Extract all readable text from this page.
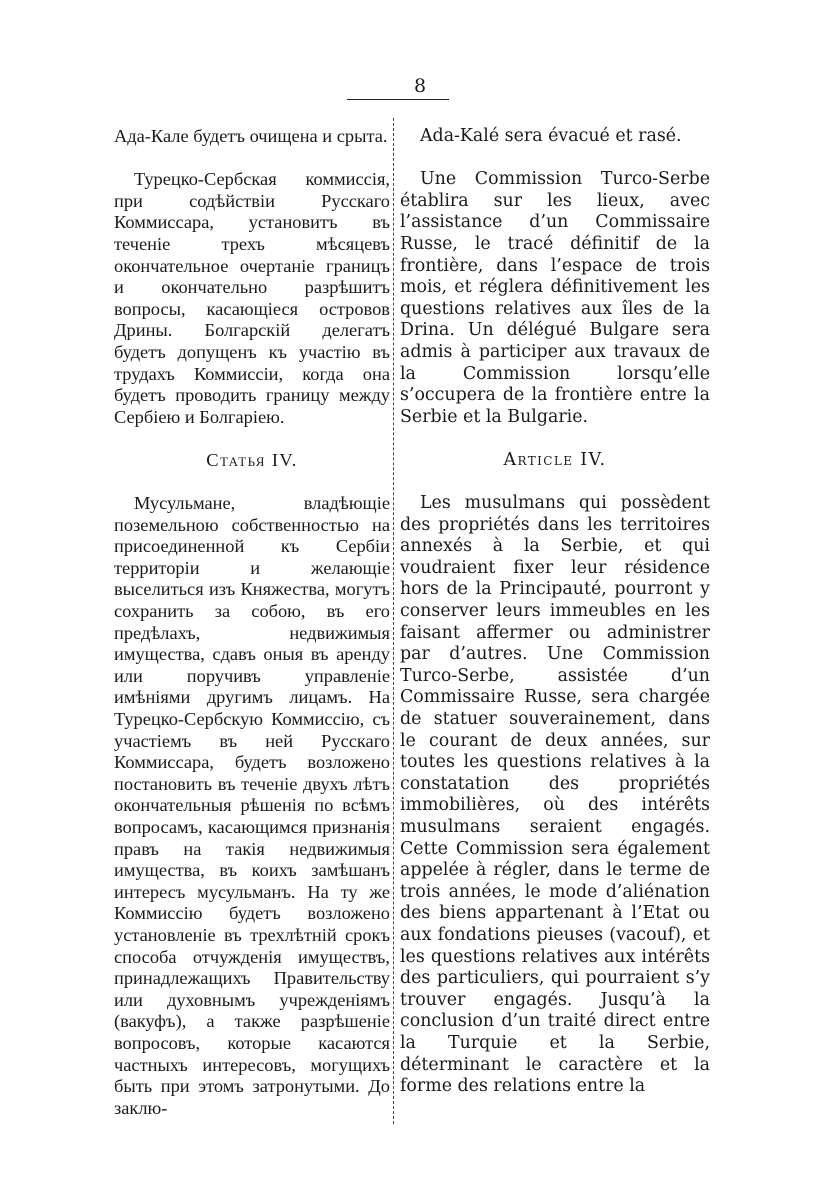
8

Ада-Кале будетъ очищена и срыта.

Турецко-Сербская коммиссія, при содѣйствіи Русскаго Коммиссара, установитъ въ теченіе трехъ мѣсяцевъ окончательное очертаніе границъ и окончательно разрѣшитъ вопросы, касающіеся островов Дрины. Болгарскій делегатъ будетъ допущенъ къ участію въ трудахъ Коммиссіи, когда она будетъ проводить границу между Сербіею и Болгаріею.

Статья IV.

Мусульмане, владѣющіе поземельною собственностью на присоединенной къ Сербіи территоріи и желающіе выселиться изъ Княжества, могутъ сохранить за собою, въ его предѣлахъ, недвижимыя имущества, сдавъ оныя въ аренду или поручивъ управленіе имѣніями другимъ лицамъ. На Турецко-Сербскую Коммиссію, съ участіемъ въ ней Русскаго Коммиссара, будетъ возложено постановить въ теченіе двухъ лѣтъ окончательныя рѣшенія по всѣмъ вопросамъ, касающимся признанія правъ на такія недвижимыя имущества, въ коихъ замѣшанъ интересъ мусульманъ. На ту же Коммиссію будетъ возложено установленіе въ трехлѣтній срокъ способа отчужденія имуществъ, принадлежащихъ Правительству или духовнымъ учрежденіямъ (вакуфъ), а также разрѣшеніе вопросовъ, которые касаются частныхъ интересовъ, могущихъ быть при этомъ затронутыми. До заклю-

Ada-Kalé sera évacué et rasé.

Une Commission Turco-Serbe établira sur les lieux, avec l’assistance d’un Commissaire Russe, le tracé définitif de la frontière, dans l’espace de trois mois, et réglera définitivement les questions relatives aux îles de la Drina. Un délégué Bulgare sera admis à participer aux travaux de la Commission lorsqu’elle s’occupera de la frontière entre la Serbie et la Bulgarie.

Article IV.

Les musulmans qui possèdent des propriétés dans les territoires annexés à la Serbie, et qui voudraient fixer leur résidence hors de la Principauté, pourront y conserver leurs immeubles en les faisant affermer ou administrer par d’autres. Une Commission Turco-Serbe, assistée d’un Commissaire Russe, sera chargée de statuer souverainement, dans le courant de deux années, sur toutes les questions relatives à la constatation des propriétés immobilières, où des intérêts musulmans seraient engagés. Cette Commission sera également appelée à régler, dans le terme de trois années, le mode d’aliénation des biens appartenant à l’Etat ou aux fondations pieuses (vacouf), et les questions relatives aux intérêts des particuliers, qui pourraient s’y trouver engagés. Jusqu’à la conclusion d’un traité direct entre la Turquie et la Serbie, déterminant le caractère et la forme des relations entre la
